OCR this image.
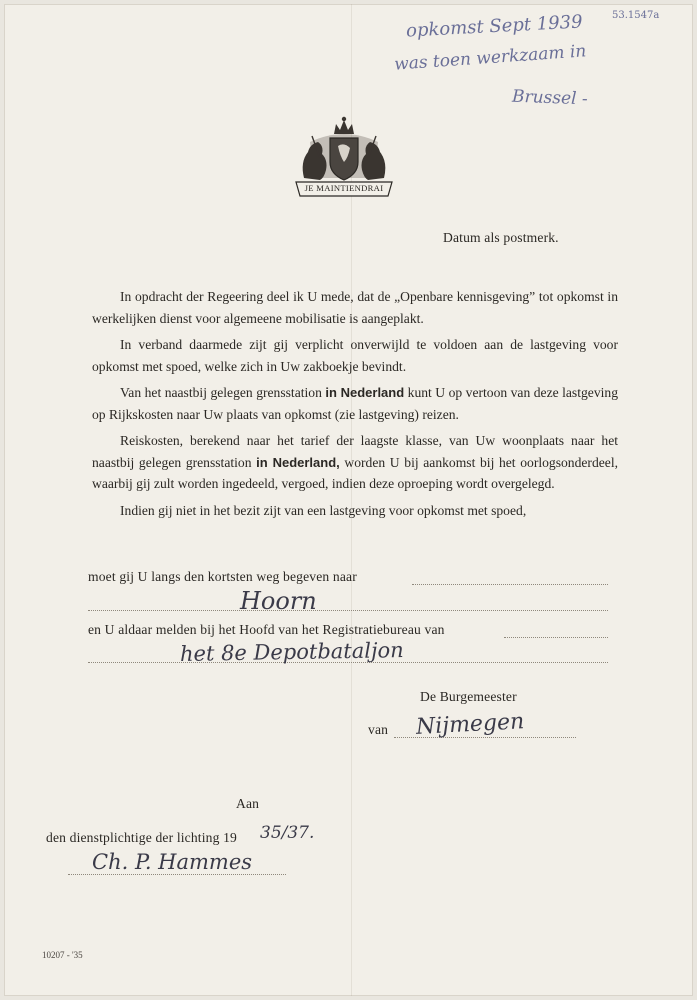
53.1547a
opkomst Sept 1939
was toen werkzaam in
Brussel -
JE MAINTIENDRAI
Datum als postmerk.

In opdracht der Regeering deel ik U mede, dat de „Openbare kennisgeving” tot opkomst in werkelijken dienst voor algemeene mobilisatie is aangeplakt.

In verband daarmede zijt gij verplicht onverwijld te voldoen aan de lastgeving voor opkomst met spoed, welke zich in Uw zakboekje bevindt.

Van het naastbij gelegen grensstation in Nederland kunt U op vertoon van deze lastgeving op Rijkskosten naar Uw plaats van opkomst (zie lastgeving) reizen.

Reiskosten, berekend naar het tarief der laagste klasse, van Uw woonplaats naar het naastbij gelegen grensstation in Nederland, worden U bij aankomst bij het oorlogsonderdeel, waarbij gij zult worden ingedeeld, vergoed, indien deze oproeping wordt overgelegd.

Indien gij niet in het bezit zijt van een lastgeving voor opkomst met spoed,

moet gij U langs den kortsten weg begeven naar
Hoorn
en U aldaar melden bij het Hoofd van het Registratiebureau van
het 8e Depotbataljon
De Burgemeester
van Nijmegen
Aan
den dienstplichtige der lichting 19 35/37.
Ch. P. Hammes
10207 - '35
